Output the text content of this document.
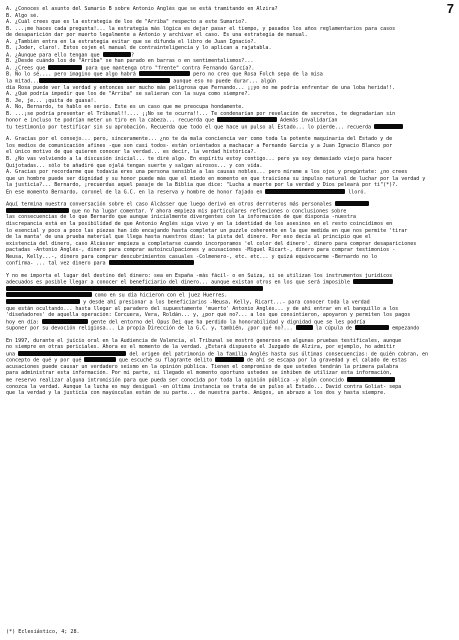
7
A. ¿Conoces el asunto del Sumario B sobre Antonio Anglés que se está tramitando en Alzira?
B. Algo sé.
A. ¿Cuál crees que es la estrategia de los de "Arriba" respecto a este Sumario?.
B. ...¡me haces cada pregunta!... la estrategia más lógica es dejar pasar el tiempo, y pasados los años reglamentarios para casos
de desaparición dar por muerto legalmente a Antonio y archivar el caso. Es una estrategia de manual.
A. ¿También entra en la estrategia evitar que se difunda el libro de Juan Ignacio?.
B. ¡Joder, claro!. Estos cojen el manual de contrainteligencia y lo aplican a rajatabla.
A. ¿Aunque para ello tengan que	?
B. ¿Desde cuándo los de "Arriba" se han parado en barras o en sentimentalismos?...
A. ¿Crees que	para que mantenga otro "frente" contra Fernando García?.
B. No lo sé.... pero imagino que algo habrá	pero no creo que Rosa Folch sepa de la misa
la mitad...	aunque eso no puede durar... algún
día Rosa puede ver la verdad y entonces ser mucho más peligrosa que Fernando... ¡¡yo no me podría enfrentar de una loba herida!!.
A. ¿Qué podría impedir que los de "Arriba" se salieran con la suya como siempre?.
B. Je, je... ¡quita de guasa!.
A. No, Bernardo, te hablo en serio. Este es un caso que me preocupa hondamente.
B. ...¡se podría presentar el Tribunal!!.... ¡¡No se te ocurra!!... Te condenarían por revelación de secretos, te degradarían sin
honor e incluso te podrían meter un tiro en la cabeza... recuerda que	Además invalidarían
tu testimonio por testificar sin su aprobación. Recuerda que todo el que hace un pulso al Estado... lo pierde... recuerda
A. Gracias por el consejo... pero, sinceramente... ¿no te da mala conciencia ver como toda la potente maquinaria del Estado y de
los medios de comunicación afines -que son casi todos- están orientados a machacar a Fernando García y a Juan Ignacio Blanco por
el único motivo de que quieren conocer la verdad... es decir, la verdad histórica?.
B. ¿No vas volviendo a la discusión inicial... te diré algo. En espíritu estoy contigo... pero ya soy demasiado viejo para hacer
Quijotadas... sólo te añadiré que ojalá tengan suerte y salgan airosos... y con vida.
A. Gracias por recordarme que todavía eres una persona sensible a las causas nobles... pero mírame a los ojos y pregúntate: ¿no crees
que un hombre puede ser dignidad y su honor puede más que el miedo en momento en que traiciona su impulso natural de luchar por la verdad y
la justicia?... Bernardo, ¡recuerdas aquel pasaje de la Biblia que dice: "Lucha a muerte por la verdad y Dios peleará por ti"(*)?.
En ese momento Bernardo, coronel de la G.C. en la reserva y hombre de honor fajado en	lloró.
Aquí termina nuestra conversación sobre el caso Alcàsser que luego derivó en otros derroteros más personales
que no ha lugar comentar. Y ahora empieza mis particulares reflexiones o conclusiones sobre
las consecuencias de lo que Bernardo que aunque inicialmente divergentes con la información de que disponía -nuestra
discrepancia está en la posibilidad de que Antonio Anglés siga vivo y en la identidad de los asesinos en el resto coincidimos en
lo esencial y poco a poco las piezas han ido encajando hasta completar un puzzle coherente en la que medida en que nos permite 'tirar
de la manta' de una prueba material que llega hasta nuestros días: la pista del dinero. Por eso decía al principio que el
existencia del dinero, caso Alcàsser empieza a completarse cuando incorporamos 'el color del dinero'. dinero para comprar desapariciones
pactadas -Antonio Anglés-, dinero para comprar autoinculpaciones y acusaciones -Miguel Ricart-, dinero para comprar testimonios -
Neusa, Kelly...-, dinero para comprar descubrimientos casuales -Colmenero-, etc. etc... y quizá equivocarme -Bernardo no lo
confirma- ... tal vez dinero para
Y no me importa el lugar del destino del dinero: sea en España -más fácil- o en Suiza, si se utilizan los instrumentos jurídicos
adecuados es posible llegar a conocer el beneficiario del dinero... aunque existan otros en los que será imposible
como en su día hicieron con el juez Huerres.
y desde ahí presionar a los beneficiarios -Neusa, Kelly, Ricart...- para conocer toda la verdad
que están ocultando... hasta llegar al paradero del supuestamente 'muerto' Antonio Anglés... y de ahí entrar en el banquillo a los
'diseñadores' de aquella operación: Corcuera, Vera, Roldán... y, ¿por qué no?... a los que consintieron, apoyaron y permiten los pagos
hoy en día:	gente del entorno del Opus Dei que ha perdido la honorabilidad y dignidad que se les podría
suponer por su devoción religiosa... La propia Dirección de la G.C. y, también, ¿por qué no?...	la cúpula de	empezando
En 1997, durante el juicio oral en la Audiencia de Valencia, el Tribunal se mostró generoso en algunas pruebas testificales, aunque
no siempre en otras periciales. Ahora es el momento de la verdad. ¿Estará dispuesto el Juzgado de Alzira, por ejemplo, ho admitir
una	del origen del patrimonio de la familia Anglés hasta sus últimas consecuencias: de quién cobran, en
concepto de qué y por qué	que escuché su flagrante delito	de ahí se escapa por la gravedad y el calado de estas
acusaciones puede causar un verdadero seísmo en la opinión pública. Tienen el compromiso de que ustedes tendrán la primera palabra
para administrar esta información. Por mi parte, si llegado el momento oportuno ustedes se inhiben de utilizar esta información,
me reservo realizar alguna intromisión para que pueda ser conocida por toda la opinión pública -y algún conocido
conozca la verdad. Aunque la lucha es muy desigual -en última instancia se trata de un pulso al Estado... David contra Goliat- sepa
que la verdad y la justicia con mayúsculas están de su parte... de nuestra parte. Amigos, un abrazo a los dos y hasta siempre.
(*) Eclesiástico, 4; 28.
